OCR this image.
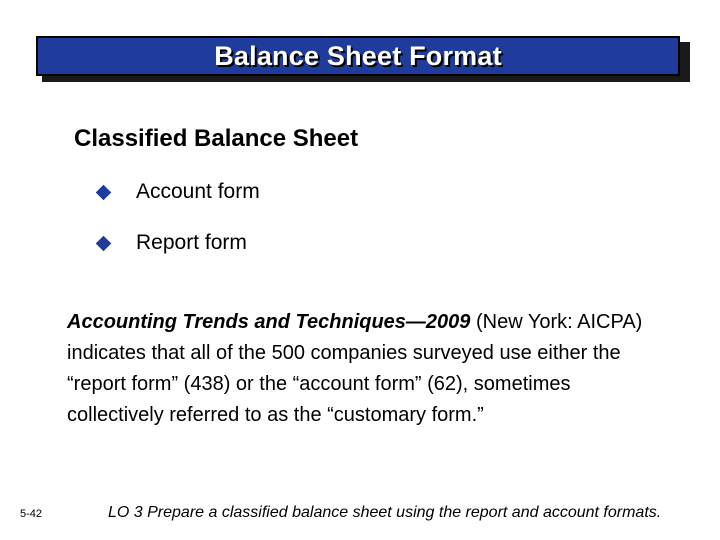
Balance Sheet Format
Classified Balance Sheet
Account form
Report form
Accounting Trends and Techniques—2009 (New York: AICPA) indicates that all of the 500 companies surveyed use either the “report form” (438) or the “account form” (62), sometimes collectively referred to as the “customary form.”
5-42	LO 3 Prepare a classified balance sheet using the report and account formats.
